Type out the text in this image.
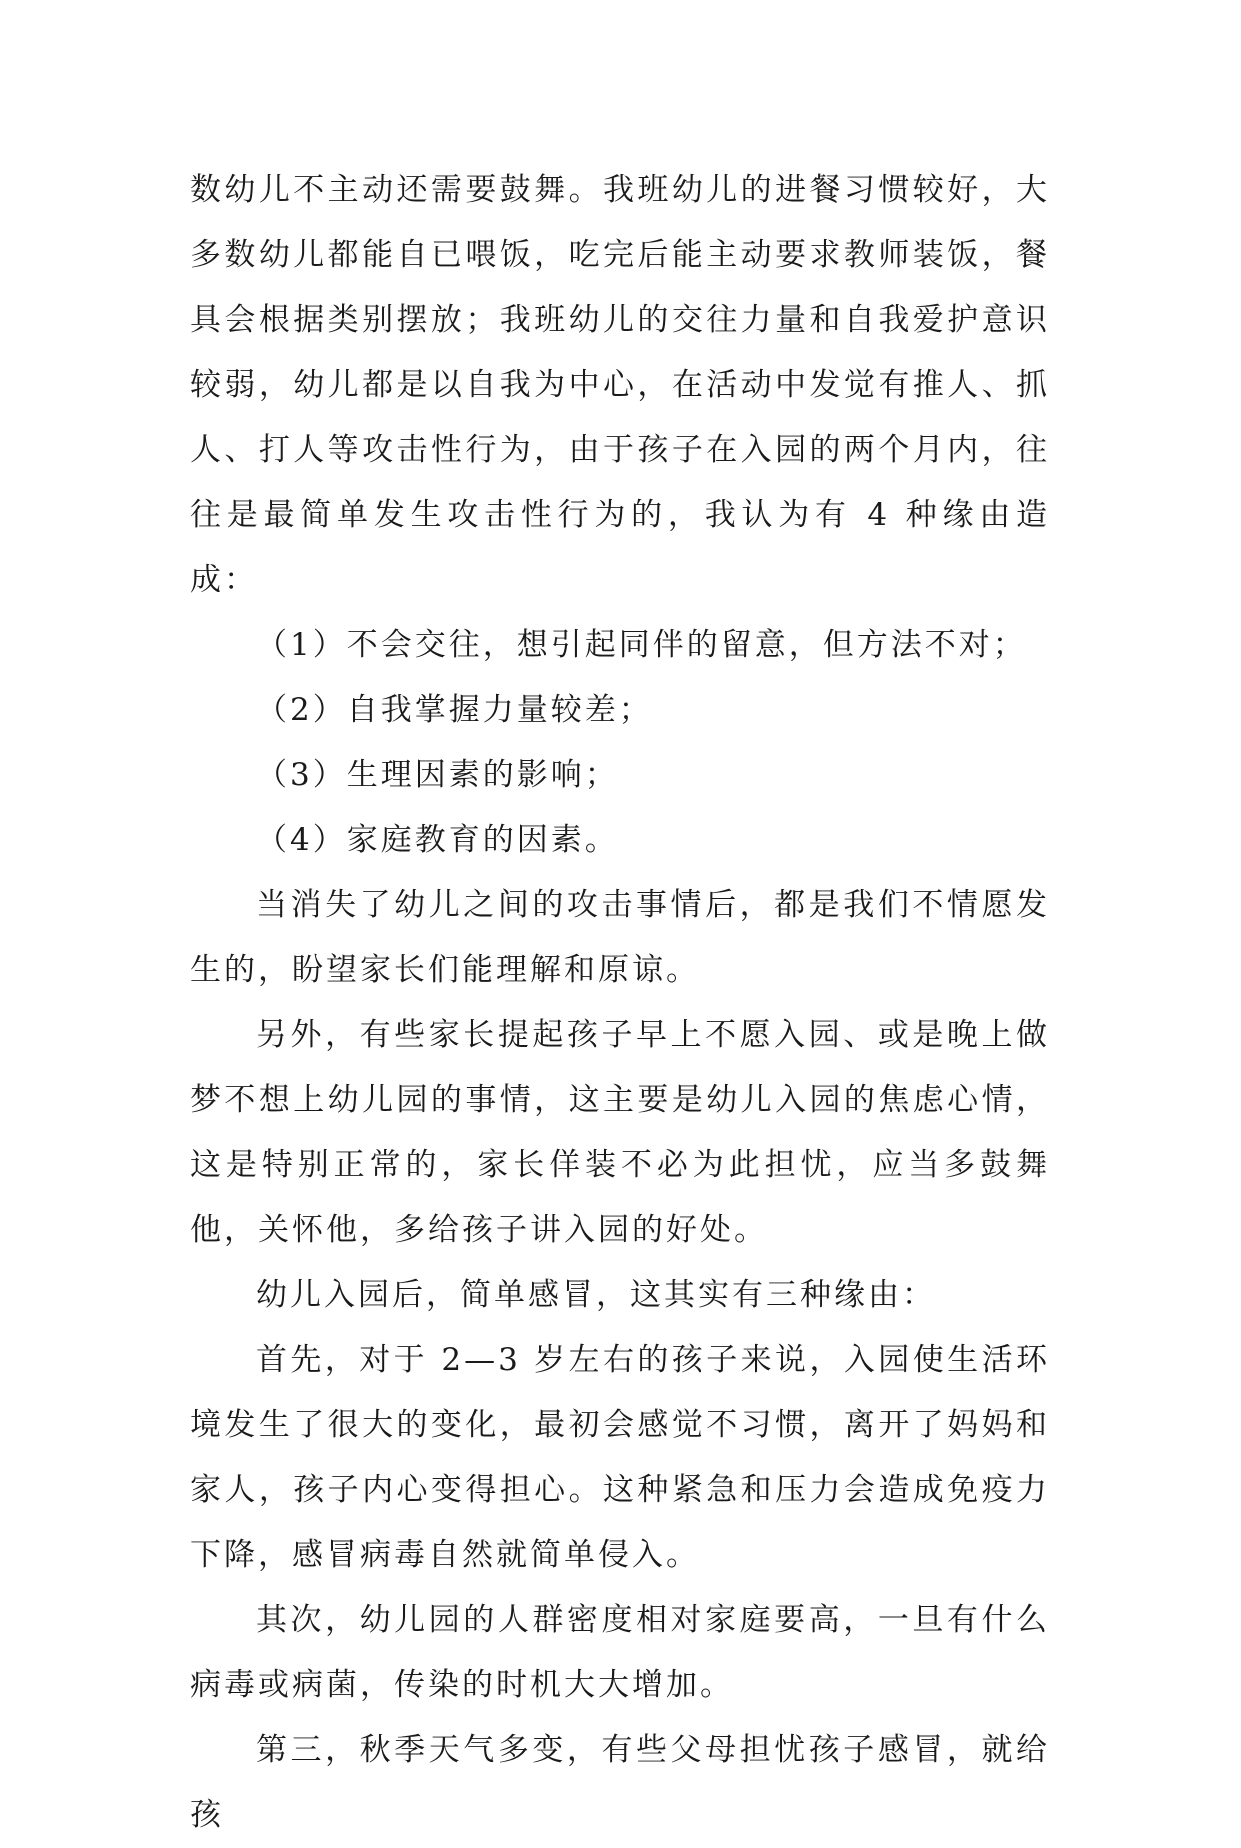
数幼儿不主动还需要鼓舞。我班幼儿的进餐习惯较好，大多数幼儿都能自已喂饭，吃完后能主动要求教师装饭，餐具会根据类别摆放；我班幼儿的交往力量和自我爱护意识较弱，幼儿都是以自我为中心，在活动中发觉有推人、抓人、打人等攻击性行为，由于孩子在入园的两个月内，往往是最简单发生攻击性行为的，我认为有 4 种缘由造成：

（1）不会交往，想引起同伴的留意，但方法不对；

（2）自我掌握力量较差；

（3）生理因素的影响；

（4）家庭教育的因素。

当消失了幼儿之间的攻击事情后，都是我们不情愿发生的，盼望家长们能理解和原谅。

另外，有些家长提起孩子早上不愿入园、或是晚上做梦不想上幼儿园的事情，这主要是幼儿入园的焦虑心情，这是特别正常的，家长佯装不必为此担忧，应当多鼓舞他，关怀他，多给孩子讲入园的好处。

幼儿入园后，简单感冒，这其实有三种缘由：

首先，对于 2—3 岁左右的孩子来说，入园使生活环境发生了很大的变化，最初会感觉不习惯，离开了妈妈和家人，孩子内心变得担心。这种紧急和压力会造成免疫力下降，感冒病毒自然就简单侵入。

其次，幼儿园的人群密度相对家庭要高，一旦有什么病毒或病菌，传染的时机大大增加。

第三，秋季天气多变，有些父母担忧孩子感冒，就给孩
